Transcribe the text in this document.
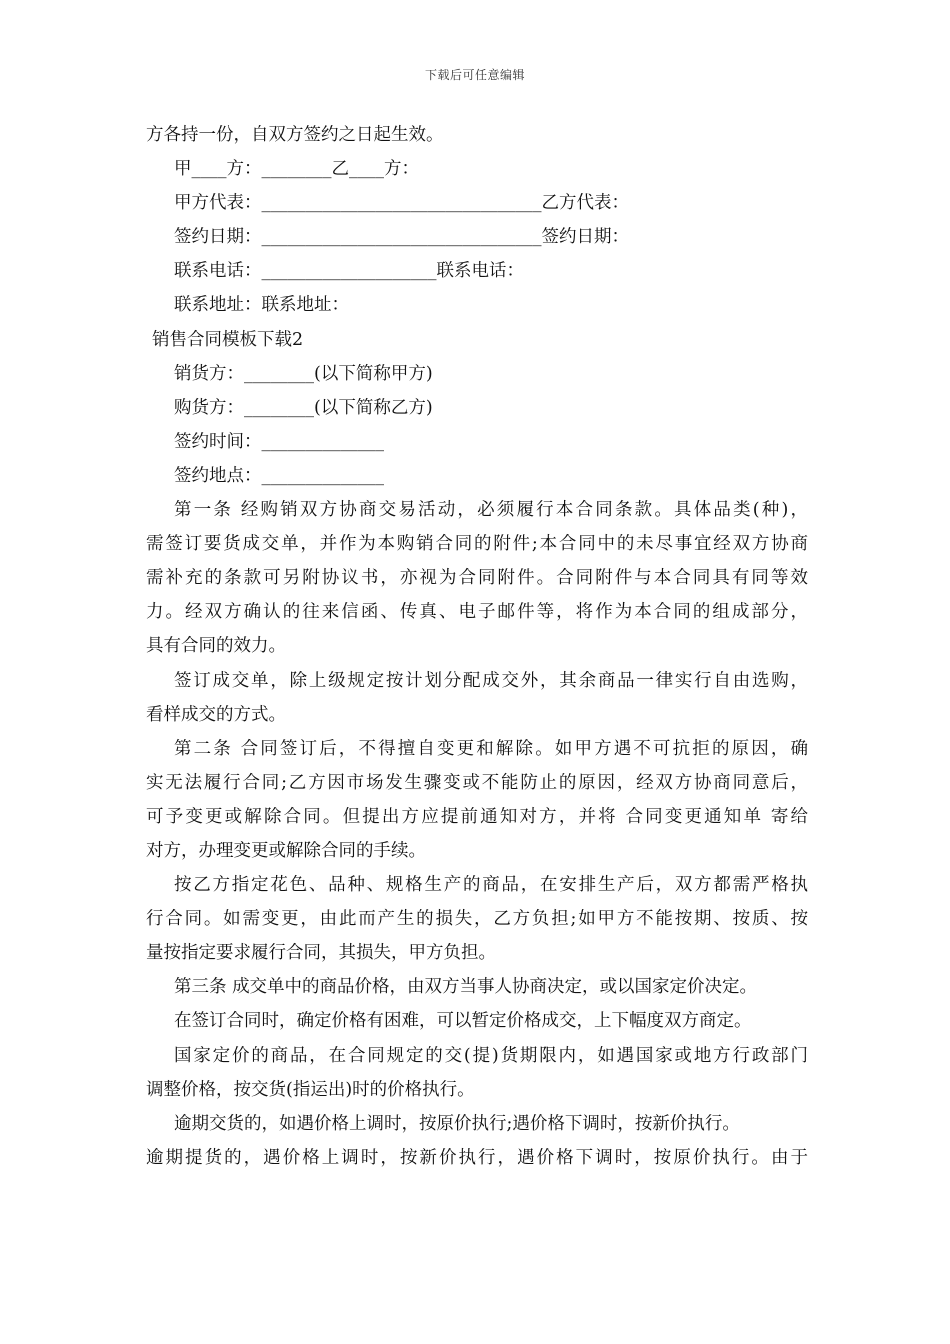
下载后可任意编辑
方各持一份，自双方签约之日起生效。
甲____方：________乙____方：
甲方代表：________________________________乙方代表：
签约日期：________________________________签约日期：
联系电话：____________________联系电话：
联系地址：联系地址：
销售合同模板下载2
销货方：________(以下简称甲方)
购货方：________(以下简称乙方)
签约时间：______________
签约地点：______________
第一条 经购销双方协商交易活动，必须履行本合同条款。具体品类(种)，
需签订要货成交单，并作为本购销合同的附件;本合同中的未尽事宜经双方协商
需补充的条款可另附协议书，亦视为合同附件。合同附件与本合同具有同等效
力。经双方确认的往来信函、传真、电子邮件等，将作为本合同的组成部分，
具有合同的效力。
签订成交单，除上级规定按计划分配成交外，其余商品一律实行自由选购，
看样成交的方式。
第二条 合同签订后，不得擅自变更和解除。如甲方遇不可抗拒的原因，确
实无法履行合同;乙方因市场发生骤变或不能防止的原因，经双方协商同意后，
可予变更或解除合同。但提出方应提前通知对方，并将 合同变更通知单 寄给
对方，办理变更或解除合同的手续。
按乙方指定花色、品种、规格生产的商品，在安排生产后，双方都需严格执
行合同。如需变更，由此而产生的损失，乙方负担;如甲方不能按期、按质、按
量按指定要求履行合同，其损失，甲方负担。
第三条 成交单中的商品价格，由双方当事人协商决定，或以国家定价决定。
在签订合同时，确定价格有困难，可以暂定价格成交，上下幅度双方商定。
国家定价的商品，在合同规定的交(提)货期限内，如遇国家或地方行政部门
调整价格，按交货(指运出)时的价格执行。
逾期交货的，如遇价格上调时，按原价执行;遇价格下调时，按新价执行。
逾期提货的，遇价格上调时，按新价执行，遇价格下调时，按原价执行。由于
